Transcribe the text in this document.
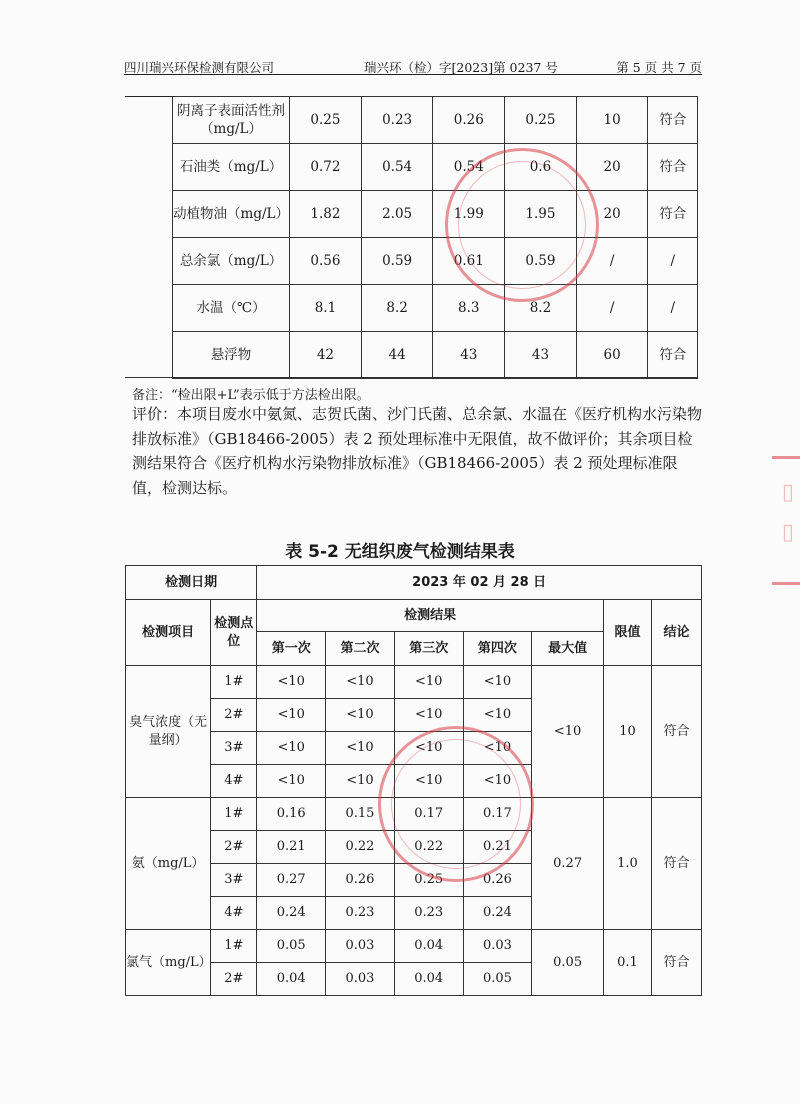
四川瑞兴环保检测有限公司	瑞兴环（检）字[2023]第 0237 号	第 5 页 共 7 页
阴离子表面活性剂（mg/L）	0.25	0.23	0.26	0.25	10	符合
石油类（mg/L）	0.72	0.54	0.54	0.6	20	符合
动植物油（mg/L）	1.82	2.05	1.99	1.95	20	符合
总余氯（mg/L）	0.56	0.59	0.61	0.59	/	/
水温（℃）	8.1	8.2	8.3	8.2	/	/
悬浮物	42	44	43	43	60	符合
备注：“检出限+L”表示低于方法检出限。
评价：本项目废水中氨氮、志贺氏菌、沙门氏菌、总余氯、水温在《医疗机构水污染物排放标准》（GB18466-2005）表 2 预处理标准中无限值，故不做评价；其余项目检测结果符合《医疗机构水污染物排放标准》（GB18466-2005）表 2 预处理标准限值，检测达标。
表 5-2 无组织废气检测结果表
检测日期		2023 年 02 月 28 日						
检测项目	检测点位	检测结果					限值	结论
		第一次	第二次	第三次	第四次	最大值		
臭气浓度（无量纲）	1#	<10	<10	<10	<10	<10	10	符合
	2#	<10	<10	<10	<10			
	3#	<10	<10	<10	<10			
	4#	<10	<10	<10	<10			
氨（mg/L）	1#	0.16	0.15	0.17	0.17	0.27	1.0	符合
	2#	0.21	0.22	0.22	0.21			
	3#	0.27	0.26	0.25	0.26			
	4#	0.24	0.23	0.23	0.24			
氯气（mg/L）	1#	0.05	0.03	0.04	0.03	0.05	0.1	符合
	2#	0.04	0.03	0.04	0.05			
▯
▯
